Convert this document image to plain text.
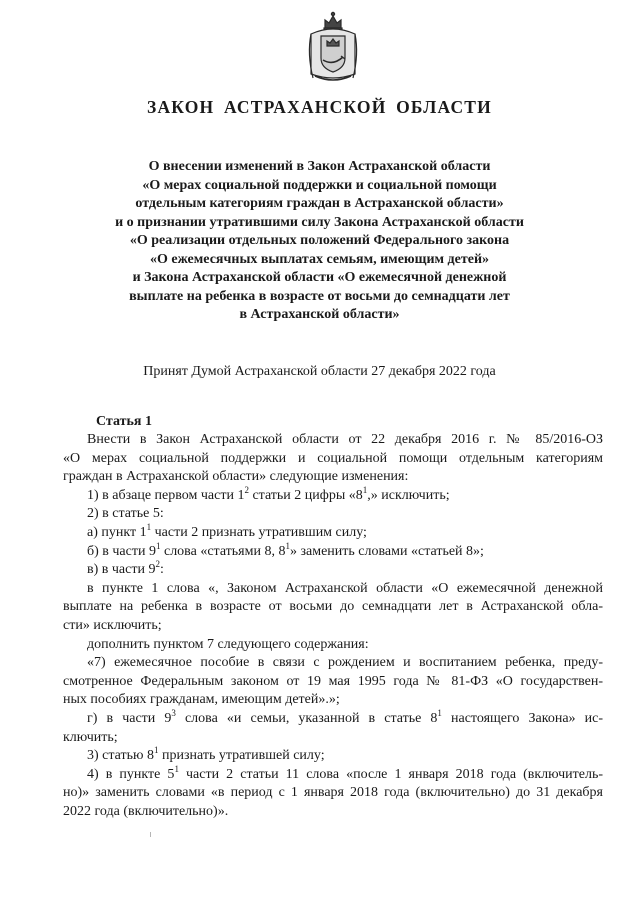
ЗАКОН АСТРАХАНСКОЙ ОБЛАСТИ
О внесении изменений в Закон Астраханской области
«О мерах социальной поддержки и социальной помощи
отдельным категориям граждан в Астраханской области»
и о признании утратившими силу Закона Астраханской области
«О реализации отдельных положений Федерального закона
«О ежемесячных выплатах семьям, имеющим детей»
и Закона Астраханской области «О ежемесячной денежной
выплате на ребенка в возрасте от восьми до семнадцати лет
в Астраханской области»
Принят Думой Астраханской области 27 декабря 2022 года
Статья 1
Внести в Закон Астраханской области от 22 декабря 2016 г. № 85/2016-ОЗ
«О мерах социальной поддержки и социальной помощи отдельным категориям
граждан в Астраханской области» следующие изменения:
1) в абзаце первом части $1^2$ статьи 2 цифры «$8^1$,» исключить;
2) в статье 5:
а) пункт $1^1$ части 2 признать утратившим силу;
б) в части $9^1$ слова «статьями 8, $8^1$» заменить словами «статьей 8»;
в) в части $9^2$:
в пункте 1 слова «, Законом Астраханской области «О ежемесячной денежной
выплате на ребенка в возрасте от восьми до семнадцати лет в Астраханской обла-
сти» исключить;
дополнить пунктом 7 следующего содержания:
«7) ежемесячное пособие в связи с рождением и воспитанием ребенка, преду-
смотренное Федеральным законом от 19 мая 1995 года № 81-ФЗ «О государствен-
ных пособиях гражданам, имеющим детей».»;
г) в части $9^3$ слова «и семьи, указанной в статье $8^1$ настоящего Закона» ис-
ключить;
3) статью $8^1$ признать утратившей силу;
4) в пункте $5^1$ части 2 статьи 11 слова «после 1 января 2018 года (включитель-
но)» заменить словами «в период с 1 января 2018 года (включительно) до 31 декабря
2022 года (включительно)».
